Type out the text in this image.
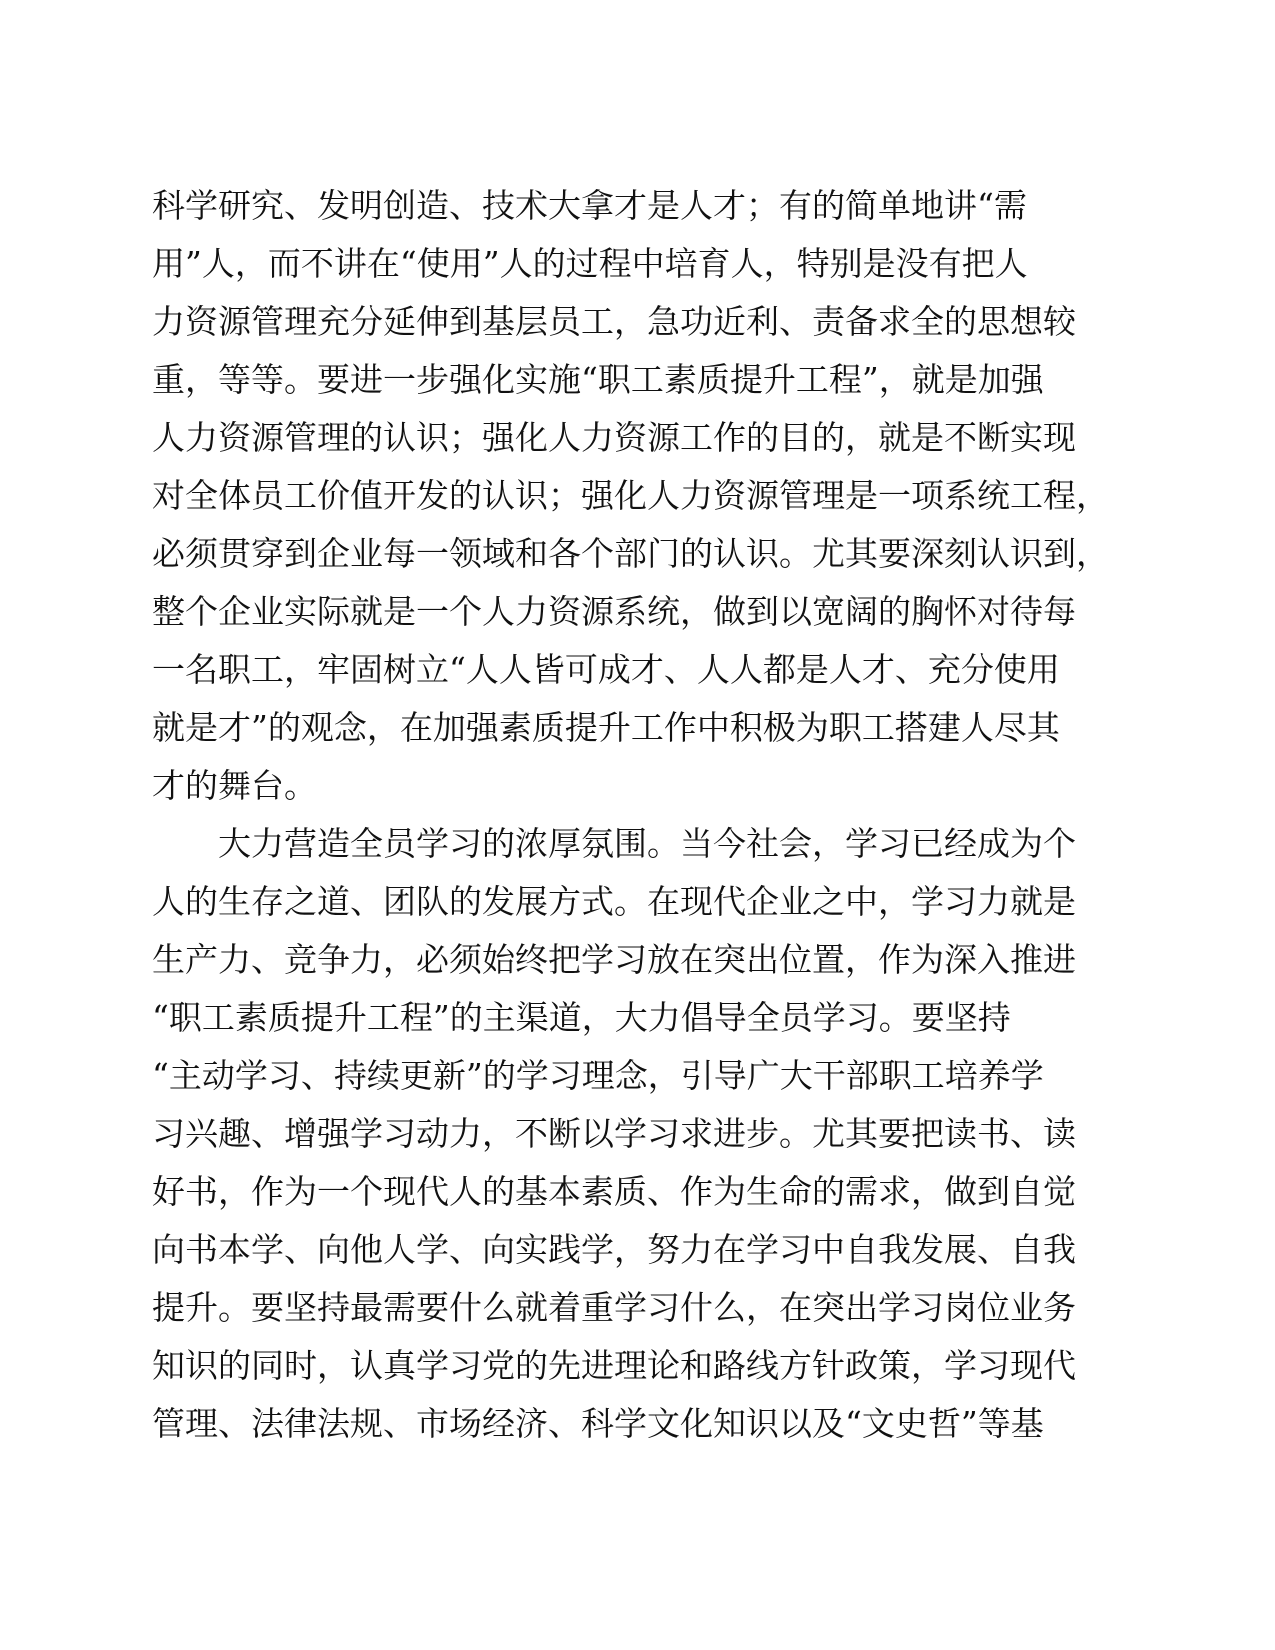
科学研究、发明创造、技术大拿才是人才；有的简单地讲“需
用”人，而不讲在“使用”人的过程中培育人，特别是没有把人
力资源管理充分延伸到基层员工，急功近利、责备求全的思想较
重，等等。要进一步强化实施“职工素质提升工程”，就是加强
人力资源管理的认识；强化人力资源工作的目的，就是不断实现
对全体员工价值开发的认识；强化人力资源管理是一项系统工程，
必须贯穿到企业每一领域和各个部门的认识。尤其要深刻认识到，
整个企业实际就是一个人力资源系统，做到以宽阔的胸怀对待每
一名职工，牢固树立“人人皆可成才、人人都是人才、充分使用
就是才”的观念，在加强素质提升工作中积极为职工搭建人尽其
才的舞台。
大力营造全员学习的浓厚氛围。当今社会，学习已经成为个
人的生存之道、团队的发展方式。在现代企业之中，学习力就是
生产力、竞争力，必须始终把学习放在突出位置，作为深入推进
“职工素质提升工程”的主渠道，大力倡导全员学习。要坚持
“主动学习、持续更新”的学习理念，引导广大干部职工培养学
习兴趣、增强学习动力，不断以学习求进步。尤其要把读书、读
好书，作为一个现代人的基本素质、作为生命的需求，做到自觉
向书本学、向他人学、向实践学，努力在学习中自我发展、自我
提升。要坚持最需要什么就着重学习什么，在突出学习岗位业务
知识的同时，认真学习党的先进理论和路线方针政策，学习现代
管理、法律法规、市场经济、科学文化知识以及“文史哲”等基
